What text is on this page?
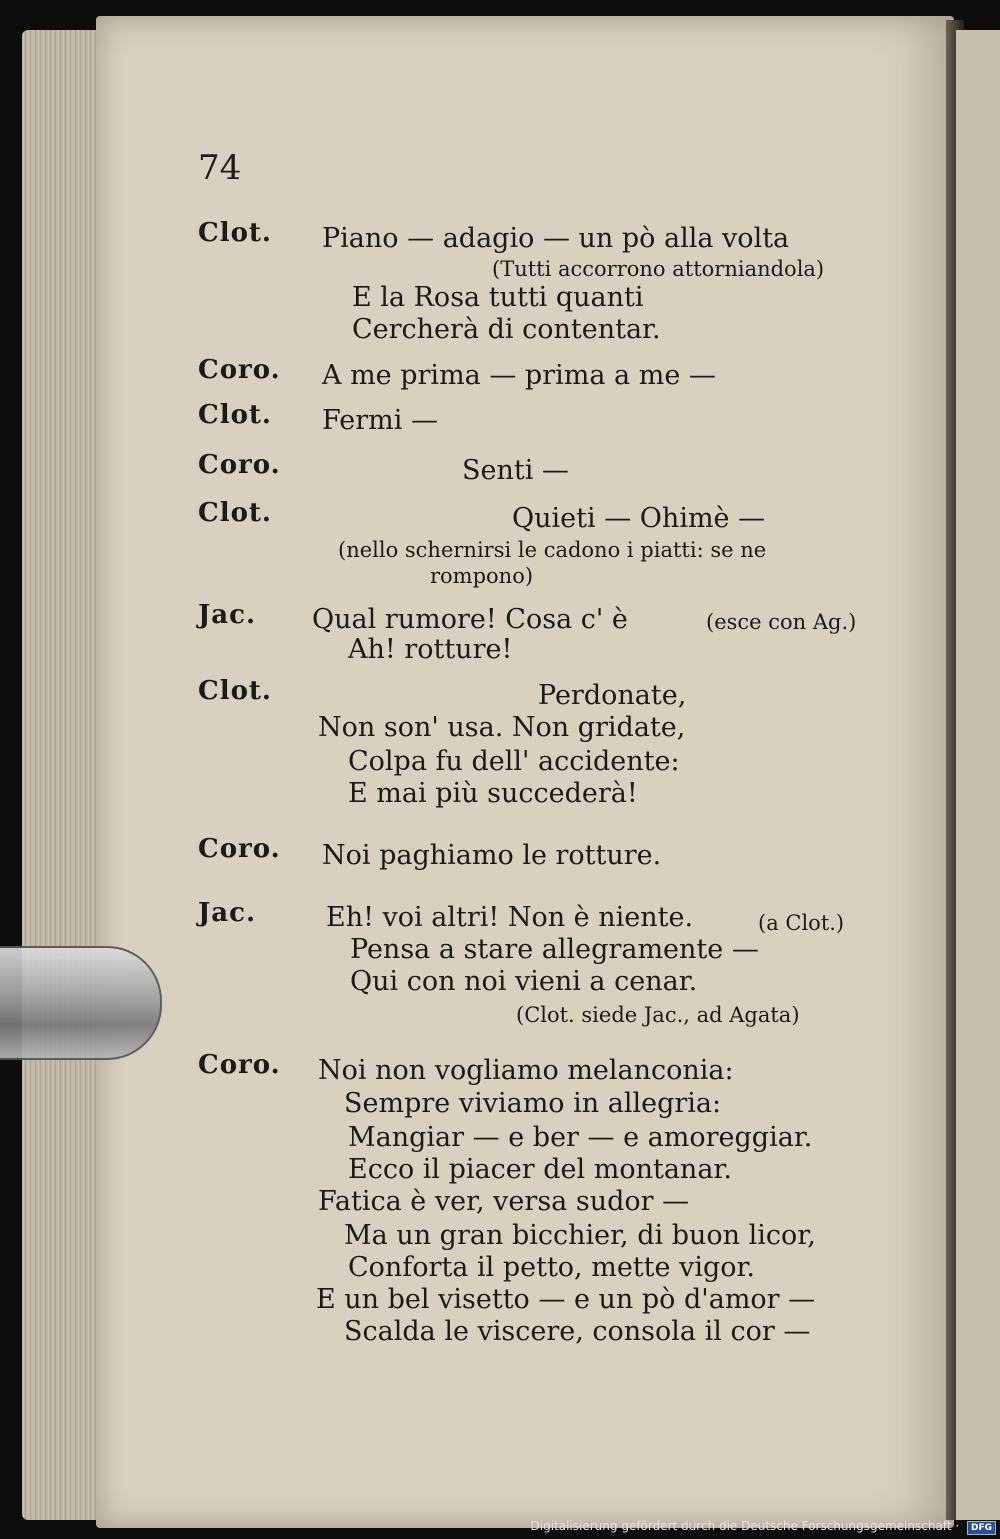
74
Clot. Piano — adagio — un pò alla volta
(Tutti accorrono attorniandola)
E la Rosa tutti quanti
Cercherà di contentar.
Coro. A me prima — prima a me —
Clot. Fermi —
Coro.	Senti —
Clot.	Quieti — Ohimè —
(nello schernirsi le cadono i piatti: se ne
rompono)
Jac. Qual rumore! Cosa c' è	(esce con Ag.)
Ah! rotture!
Clot.	Perdonate,
Non son' usa. Non gridate,
Colpa fu dell' accidente:
E mai più succederà!
Coro. Noi paghiamo le rotture.
Jac.	Eh! voi altri! Non è niente.	(a Clot.)
Pensa a stare allegramente —
Qui con noi vieni a cenar.
(Clot. siede Jac., ad Agata)
Coro. Noi non vogliamo melanconia:
Sempre viviamo in allegria:
Mangiar — e ber — e amoreggiar.
Ecco il piacer del montanar.
Fatica è ver, versa sudor —
Ma un gran bicchier, di buon licor,
Conforta il petto, mette vigor.
E un bel visetto — e un pò d'amor —
Scalda le viscere, consola il cor —
Digitalisierung gefördert durch die Deutsche Forschungsgemeinschaft · DFG
